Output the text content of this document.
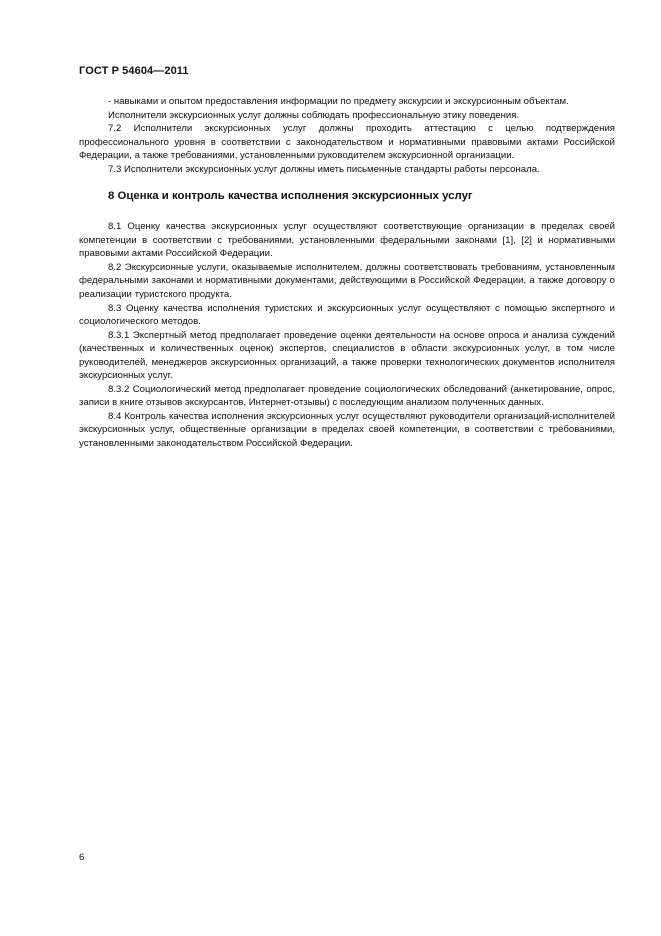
ГОСТ Р 54604—2011

- навыками и опытом предоставления информации по предмету экскурсии и экскурсионным объектам.

Исполнители экскурсионных услуг должны соблюдать профессиональную этику поведения.

7.2 Исполнители экскурсионных услуг должны проходить аттестацию с целью подтверждения профессионального уровня в соответствии с законодательством и нормативными правовыми актами Российской Федерации, а также требованиями, установленными руководителем экскурсионной организации.

7.3 Исполнители экскурсионных услуг должны иметь письменные стандарты работы персонала.

8 Оценка и контроль качества исполнения экскурсионных услуг

8.1 Оценку качества экскурсионных услуг осуществляют соответствующие организации в пределах своей компетенции в соответствии с требованиями, установленными федеральными законами [1], [2] и нормативными правовыми актами Российской Федерации.

8.2 Экскурсионные услуги, оказываемые исполнителем, должны соответствовать требованиям, установленным федеральными законами и нормативными документами, действующими в Российской Федерации, а также договору о реализации туристского продукта.

8.3 Оценку качества исполнения туристских и экскурсионных услуг осуществляют с помощью экспертного и социологического методов.

8.3.1 Экспертный метод предполагает проведение оценки деятельности на основе опроса и анализа суждений (качественных и количественных оценок) экспертов, специалистов в области экскурсионных услуг, в том числе руководителей, менеджеров экскурсионных организаций, а также проверки технологических документов исполнителя экскурсионных услуг.

8.3.2 Социологический метод предполагает проведение социологических обследований (анкетирование, опрос, записи в книге отзывов экскурсантов, Интернет-отзывы) с последующим анализом полученных данных.

8.4 Контроль качества исполнения экскурсионных услуг осуществляют руководители организаций-исполнителей экскурсионных услуг, общественные организации в пределах своей компетенции, в соответствии с требованиями, установленными законодательством Российской Федерации.

6
